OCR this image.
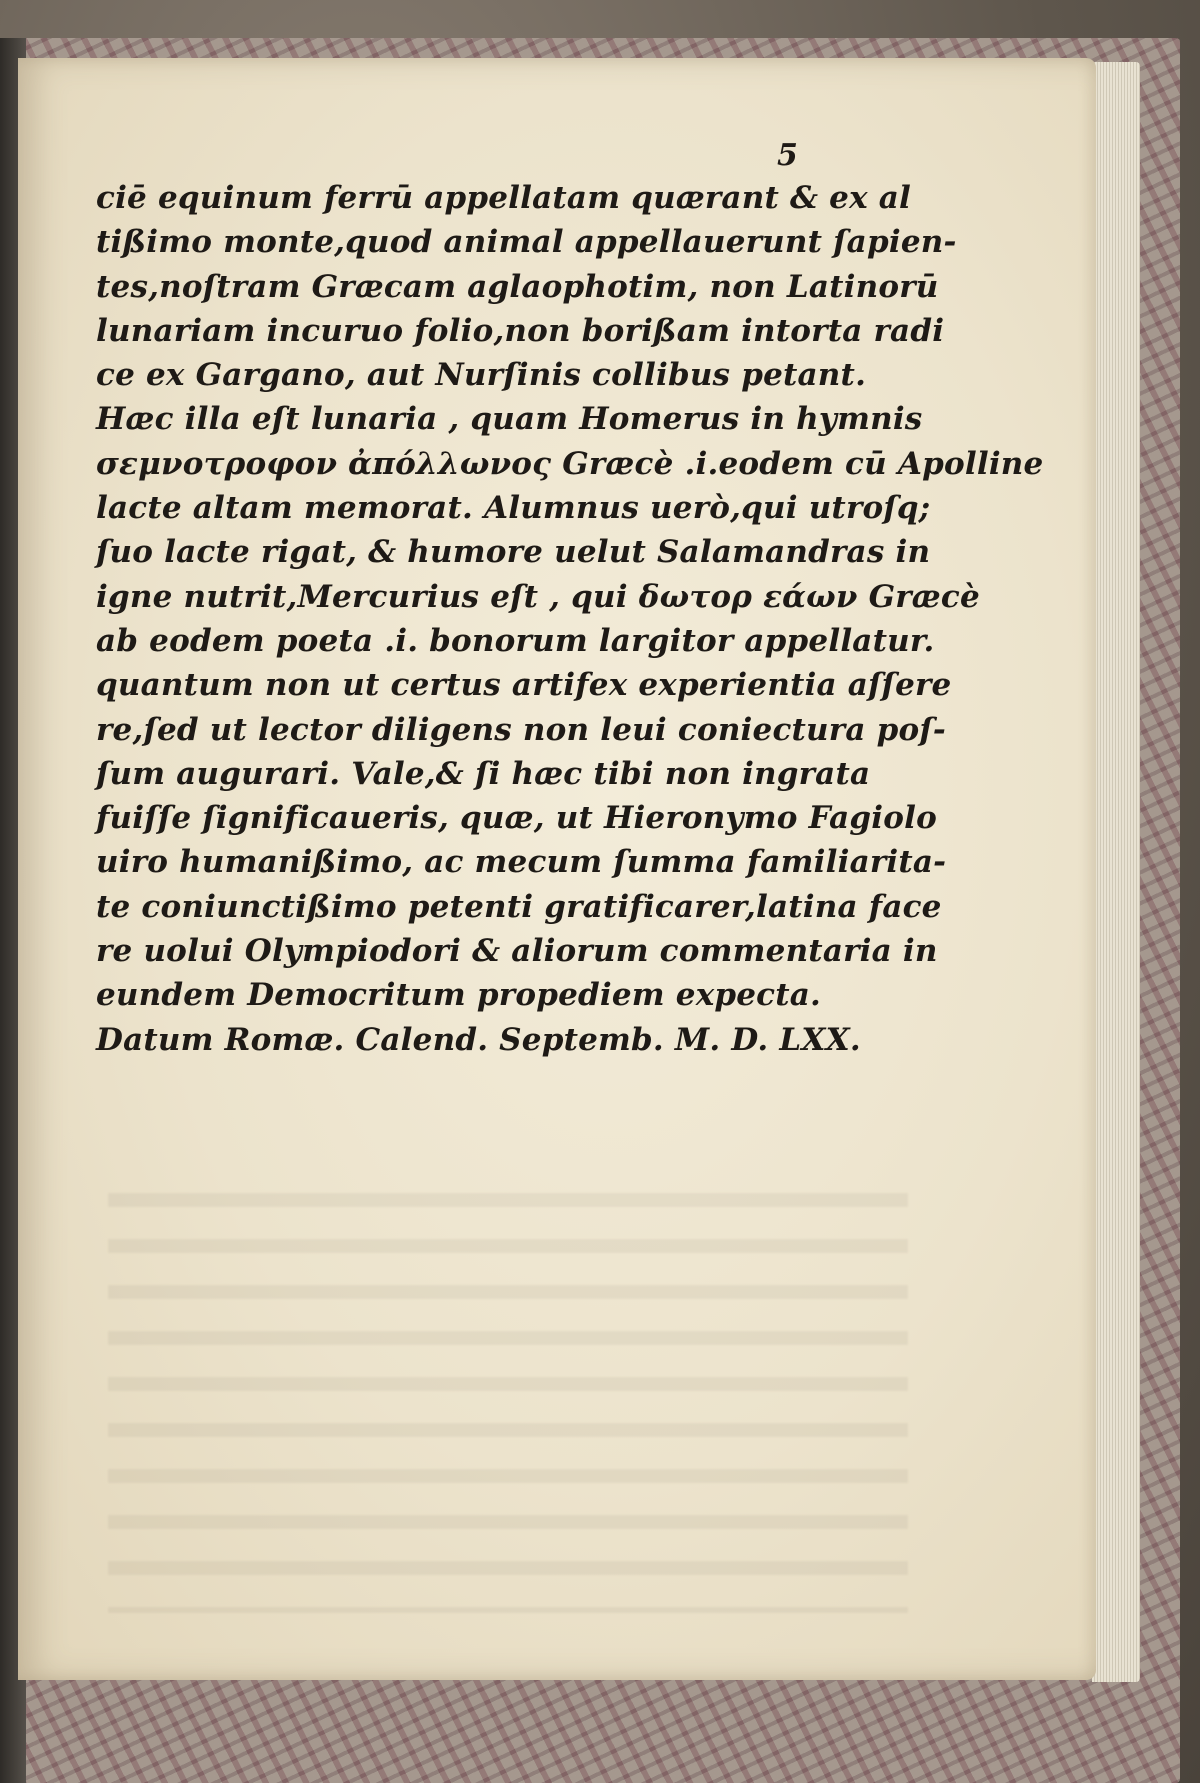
5
ciē equinum ferrū appellatam quærant & ex al
tißimo monte,quod animal appellauerunt ſapien-
tes,noſtram Græcam aglaophotim, non Latinorū
lunariam incuruo folio,non borißam intorta radi
ce ex Gargano, aut Nurſinis collibus petant.
Hæc illa eſt lunaria , quam Homerus in hymnis
σεμνοτροφον ἀπόλλωνος Græcè .i.eodem cū Apolline
lacte altam memorat. Alumnus uerò,qui utroſq;
ſuo lacte rigat, & humore uelut Salamandras in
igne nutrit,Mercurius eſt , qui δωτορ εάων Græcè
ab eodem poeta .i. bonorum largitor appellatur.
quantum non ut certus artifex experientia aſſere
re,ſed ut lector diligens non leui coniectura poſ-
ſum augurari. Vale,& ſi hæc tibi non ingrata
fuiſſe ſignificaueris, quæ, ut Hieronymo Fagiolo
uiro humanißimo, ac mecum ſumma familiarita-
te coniunctißimo petenti gratificarer,latina face
re uolui Olympiodori & aliorum commentaria in
eundem Democritum propediem expecta.
Datum Romæ. Calend. Septemb. M. D. LXX.
